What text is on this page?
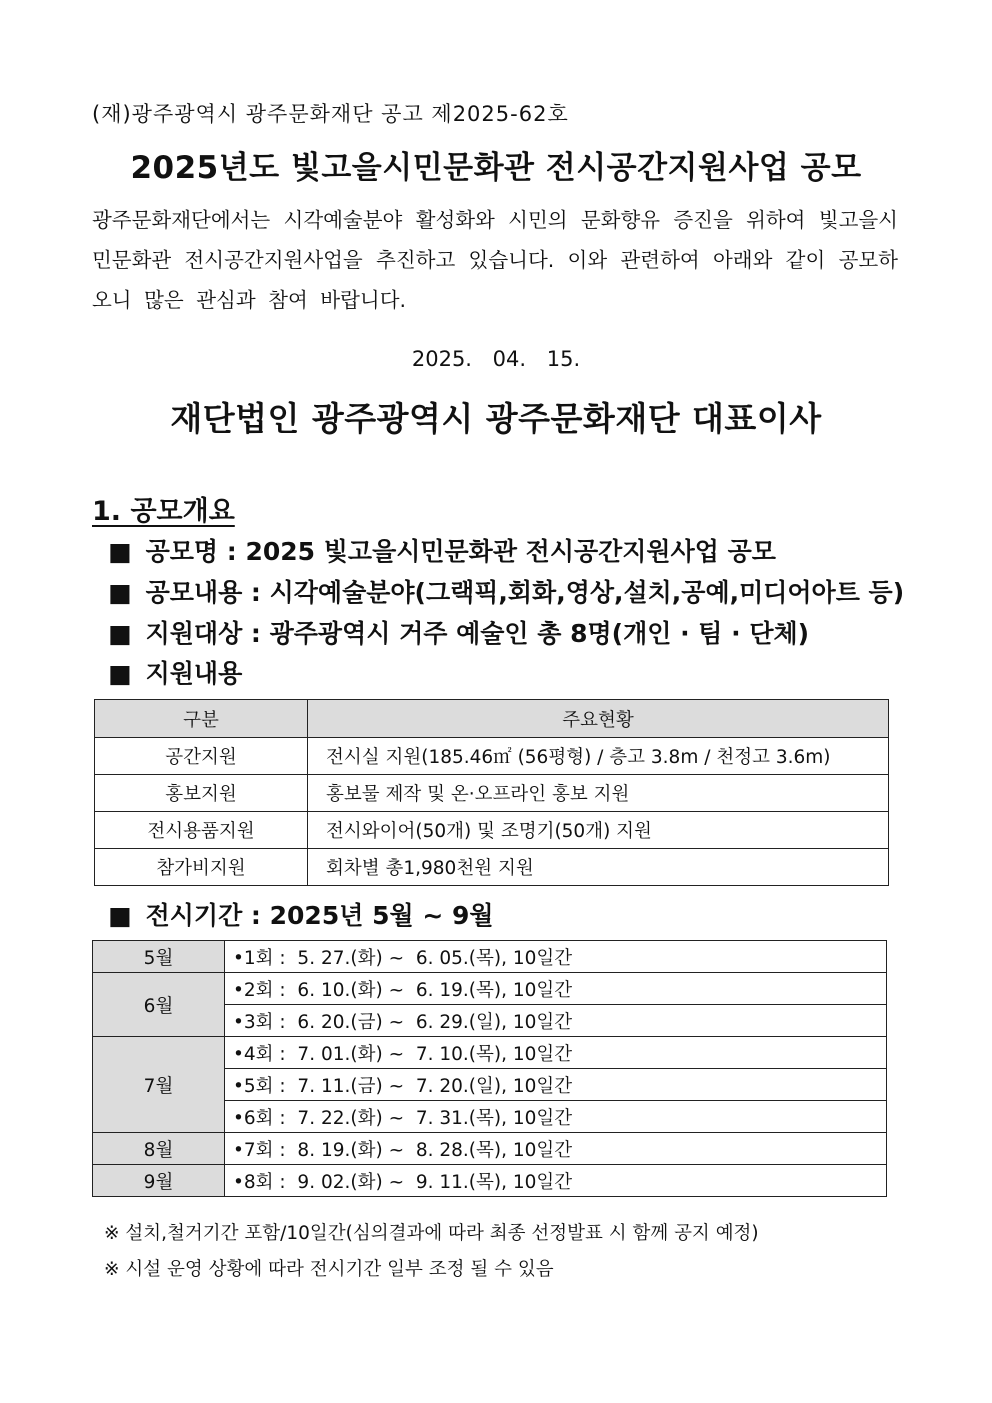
(재)광주광역시 광주문화재단 공고 제2025-62호
2025년도 빛고을시민문화관 전시공간지원사업 공모
광주문화재단에서는 시각예술분야 활성화와 시민의 문화향유 증진을 위하여 빛고을시민문화관 전시공간지원사업을 추진하고 있습니다. 이와 관련하여 아래와 같이 공모하오니 많은 관심과 참여 바랍니다.
2025. 04. 15.
재단법인 광주광역시 광주문화재단 대표이사
1. 공모개요
■ 공모명 : 2025 빛고을시민문화관 전시공간지원사업 공모
■ 공모내용 : 시각예술분야(그랙픽,회화,영상,설치,공예,미디어아트 등)
■ 지원대상 : 광주광역시 거주 예술인 총 8명(개인 · 팀 · 단체)
■ 지원내용
구분	주요현황
공간지원	전시실 지원(185.46㎡ (56평형) / 층고 3.8m / 천정고 3.6m)
홍보지원	홍보물 제작 및 온·오프라인 홍보 지원
전시용품지원	전시와이어(50개) 및 조명기(50개) 지원
참가비지원	회차별 총1,980천원 지원
■ 전시기간 : 2025년 5월 ~ 9월
5월	•1회 :  5. 27.(화) ~  6. 05.(목), 10일간
6월	•2회 :  6. 10.(화) ~  6. 19.(목), 10일간
	•3회 :  6. 20.(금) ~  6. 29.(일), 10일간
7월	•4회 :  7. 01.(화) ~  7. 10.(목), 10일간
	•5회 :  7. 11.(금) ~  7. 20.(일), 10일간
	•6회 :  7. 22.(화) ~  7. 31.(목), 10일간
8월	•7회 :  8. 19.(화) ~  8. 28.(목), 10일간
9월	•8회 :  9. 02.(화) ~  9. 11.(목), 10일간
※ 설치,철거기간 포함/10일간(심의결과에 따라 최종 선정발표 시 함께 공지 예정)
※ 시설 운영 상황에 따라 전시기간 일부 조정 될 수 있음
